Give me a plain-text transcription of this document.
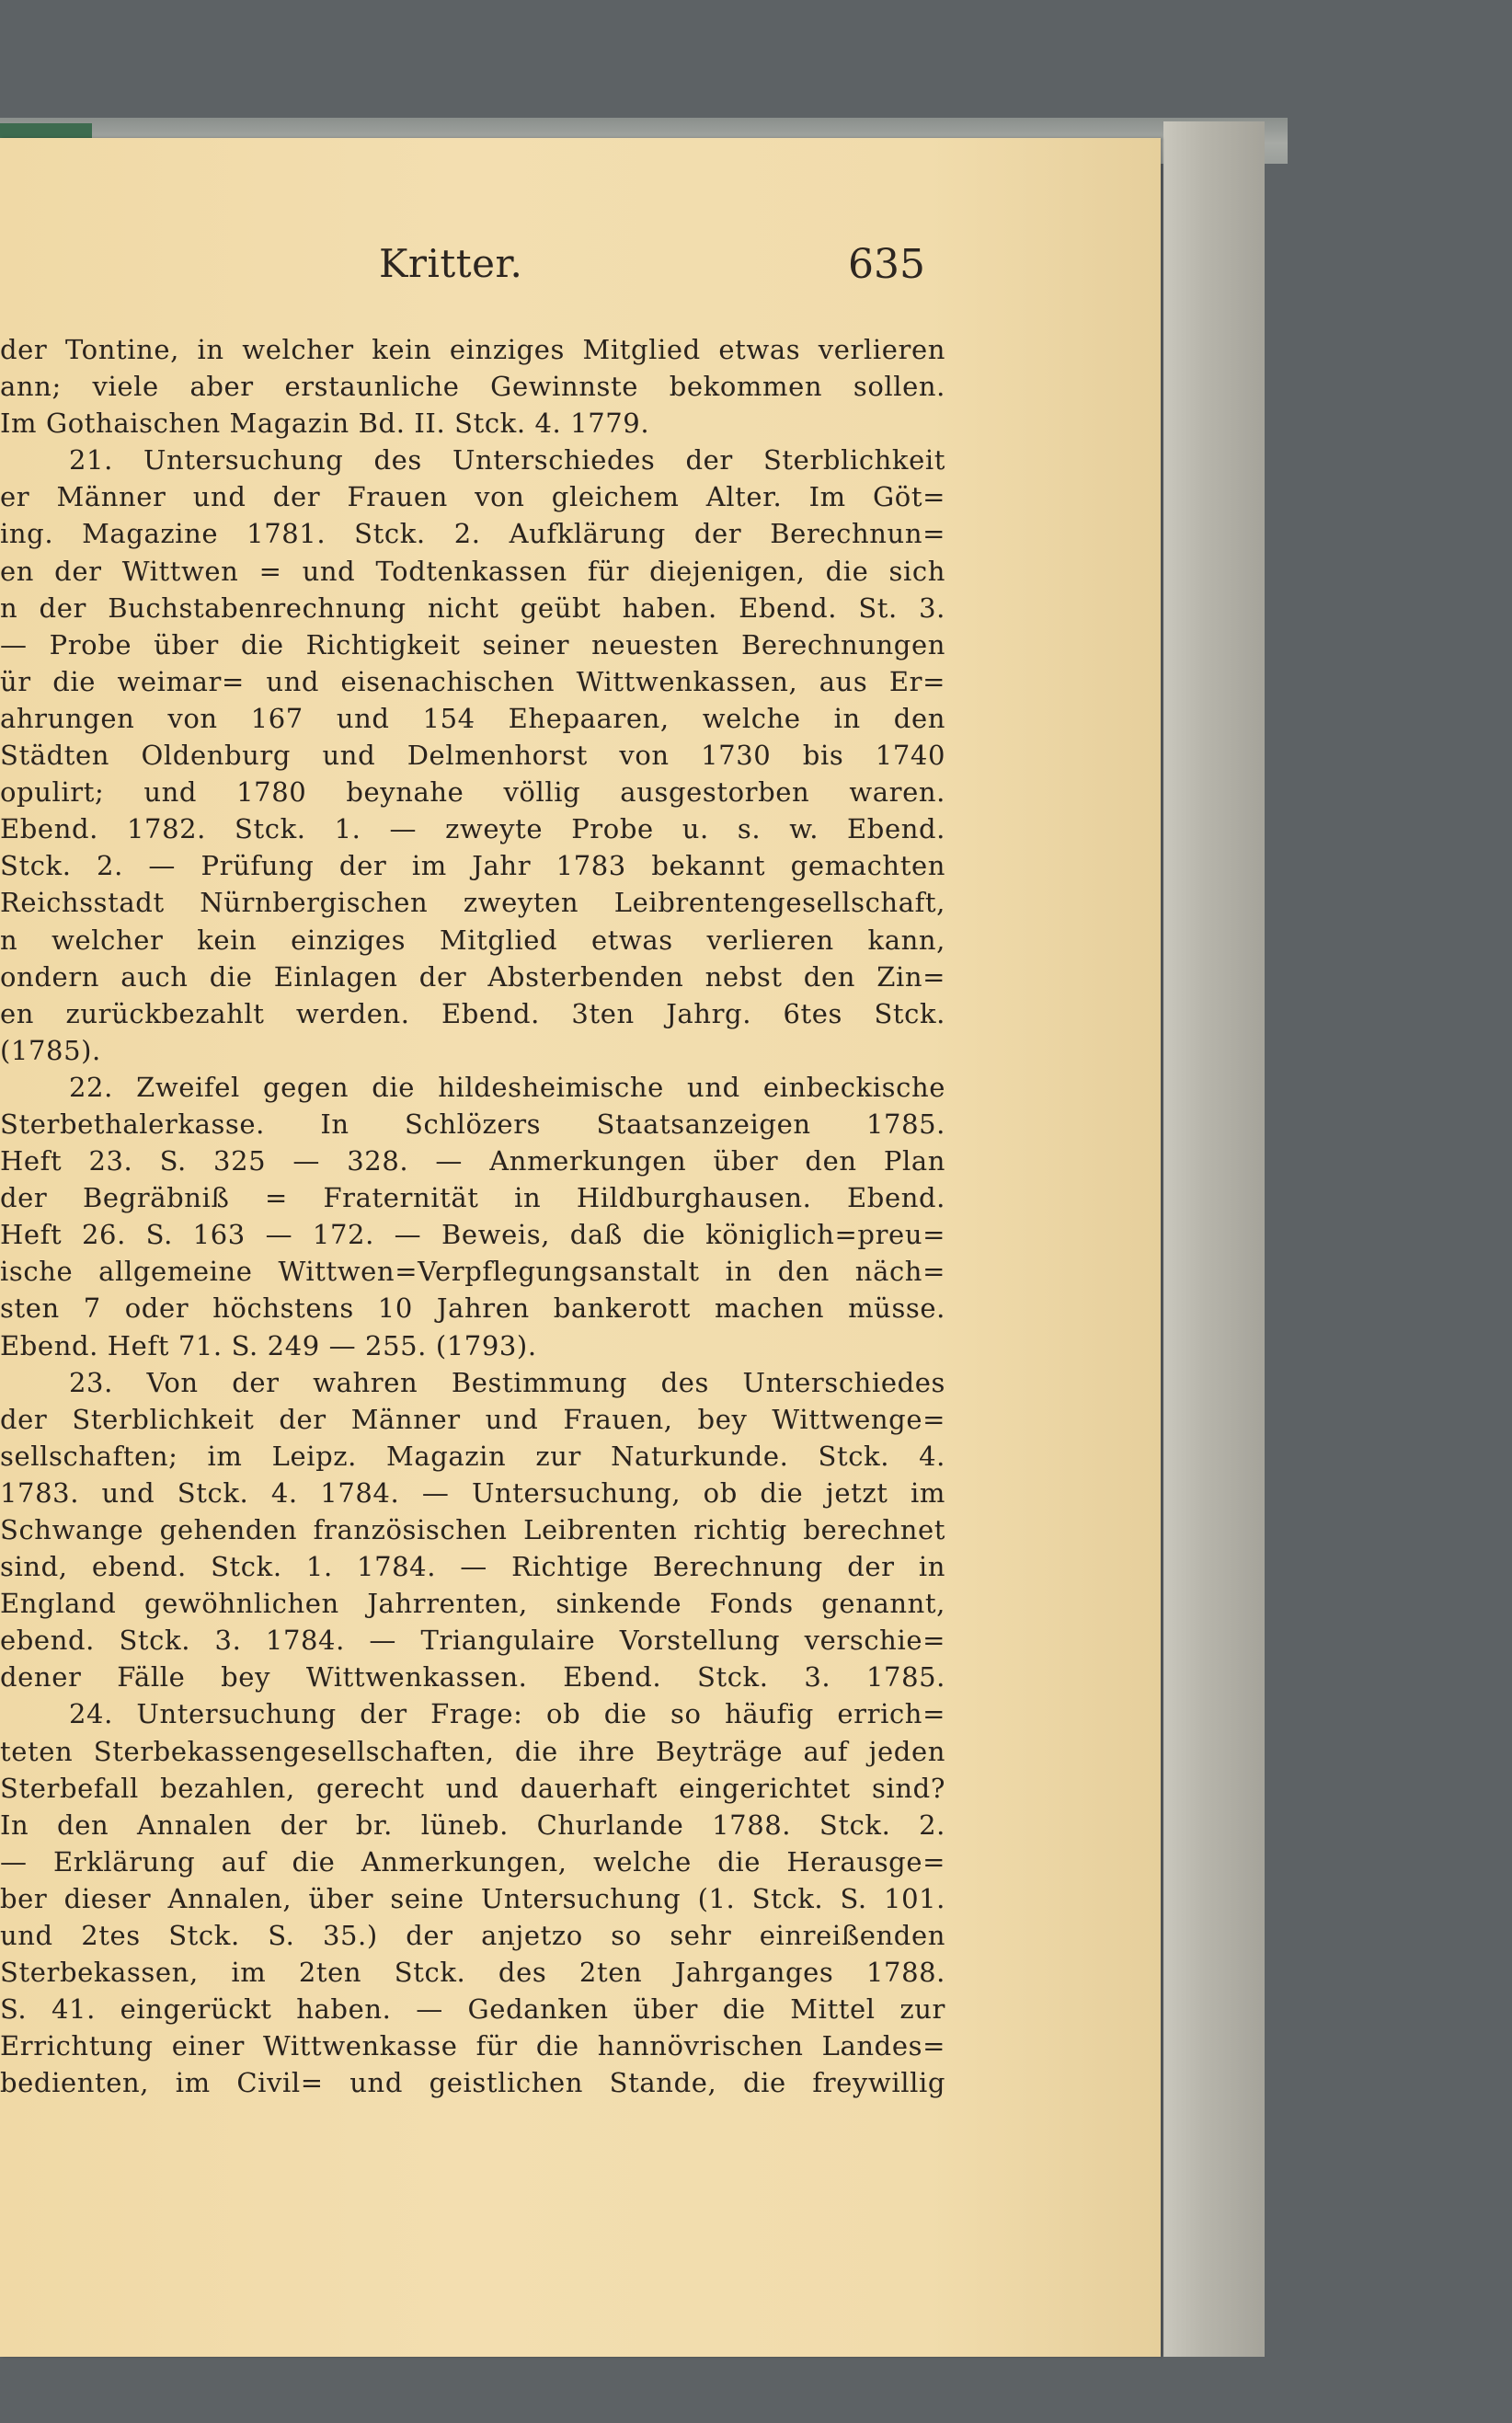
Kritter.	635
der Tontine, in welcher kein einziges Mitglied etwas verlieren
ann; viele aber erstaunliche Gewinnste bekommen sollen.
Im Gothaischen Magazin Bd. II. Stck. 4. 1779.
21. Untersuchung des Unterschiedes der Sterblichkeit
er Männer und der Frauen von gleichem Alter. Im Göt=
ing. Magazine 1781. Stck. 2. Aufklärung der Berechnun=
en der Wittwen = und Todtenkassen für diejenigen, die sich
n der Buchstabenrechnung nicht geübt haben. Ebend. St. 3.
— Probe über die Richtigkeit seiner neuesten Berechnungen
ür die weimar= und eisenachischen Wittwenkassen, aus Er=
ahrungen von 167 und 154 Ehepaaren, welche in den
Städten Oldenburg und Delmenhorst von 1730 bis 1740
opulirt; und 1780 beynahe völlig ausgestorben waren.
Ebend. 1782. Stck. 1. — zweyte Probe u. s. w. Ebend.
Stck. 2. — Prüfung der im Jahr 1783 bekannt gemachten
Reichsstadt Nürnbergischen zweyten Leibrentengesellschaft,
n welcher kein einziges Mitglied etwas verlieren kann,
ondern auch die Einlagen der Absterbenden nebst den Zin=
en zurückbezahlt werden. Ebend. 3ten Jahrg. 6tes Stck.
(1785).
22. Zweifel gegen die hildesheimische und einbeckische
Sterbethalerkasse. In Schlözers Staatsanzeigen 1785.
Heft 23. S. 325 — 328. — Anmerkungen über den Plan
der Begräbniß = Fraternität in Hildburghausen. Ebend.
Heft 26. S. 163 — 172. — Beweis, daß die königlich=preu=
ische allgemeine Wittwen=Verpflegungsanstalt in den näch=
sten 7 oder höchstens 10 Jahren bankerott machen müsse.
Ebend. Heft 71. S. 249 — 255. (1793).
23. Von der wahren Bestimmung des Unterschiedes
der Sterblichkeit der Männer und Frauen, bey Wittwenge=
sellschaften; im Leipz. Magazin zur Naturkunde. Stck. 4.
1783. und Stck. 4. 1784. — Untersuchung, ob die jetzt im
Schwange gehenden französischen Leibrenten richtig berechnet
sind, ebend. Stck. 1. 1784. — Richtige Berechnung der in
England gewöhnlichen Jahrrenten, sinkende Fonds genannt,
ebend. Stck. 3. 1784. — Triangulaire Vorstellung verschie=
dener Fälle bey Wittwenkassen. Ebend. Stck. 3. 1785.
24. Untersuchung der Frage: ob die so häufig errich=
teten Sterbekassengesellschaften, die ihre Beyträge auf jeden
Sterbefall bezahlen, gerecht und dauerhaft eingerichtet sind?
In den Annalen der br. lüneb. Churlande 1788. Stck. 2.
— Erklärung auf die Anmerkungen, welche die Herausge=
ber dieser Annalen, über seine Untersuchung (1. Stck. S. 101.
und 2tes Stck. S. 35.) der anjetzo so sehr einreißenden
Sterbekassen, im 2ten Stck. des 2ten Jahrganges 1788.
S. 41. eingerückt haben. — Gedanken über die Mittel zur
Errichtung einer Wittwenkasse für die hannövrischen Landes=
bedienten, im Civil= und geistlichen Stande, die freywillig
